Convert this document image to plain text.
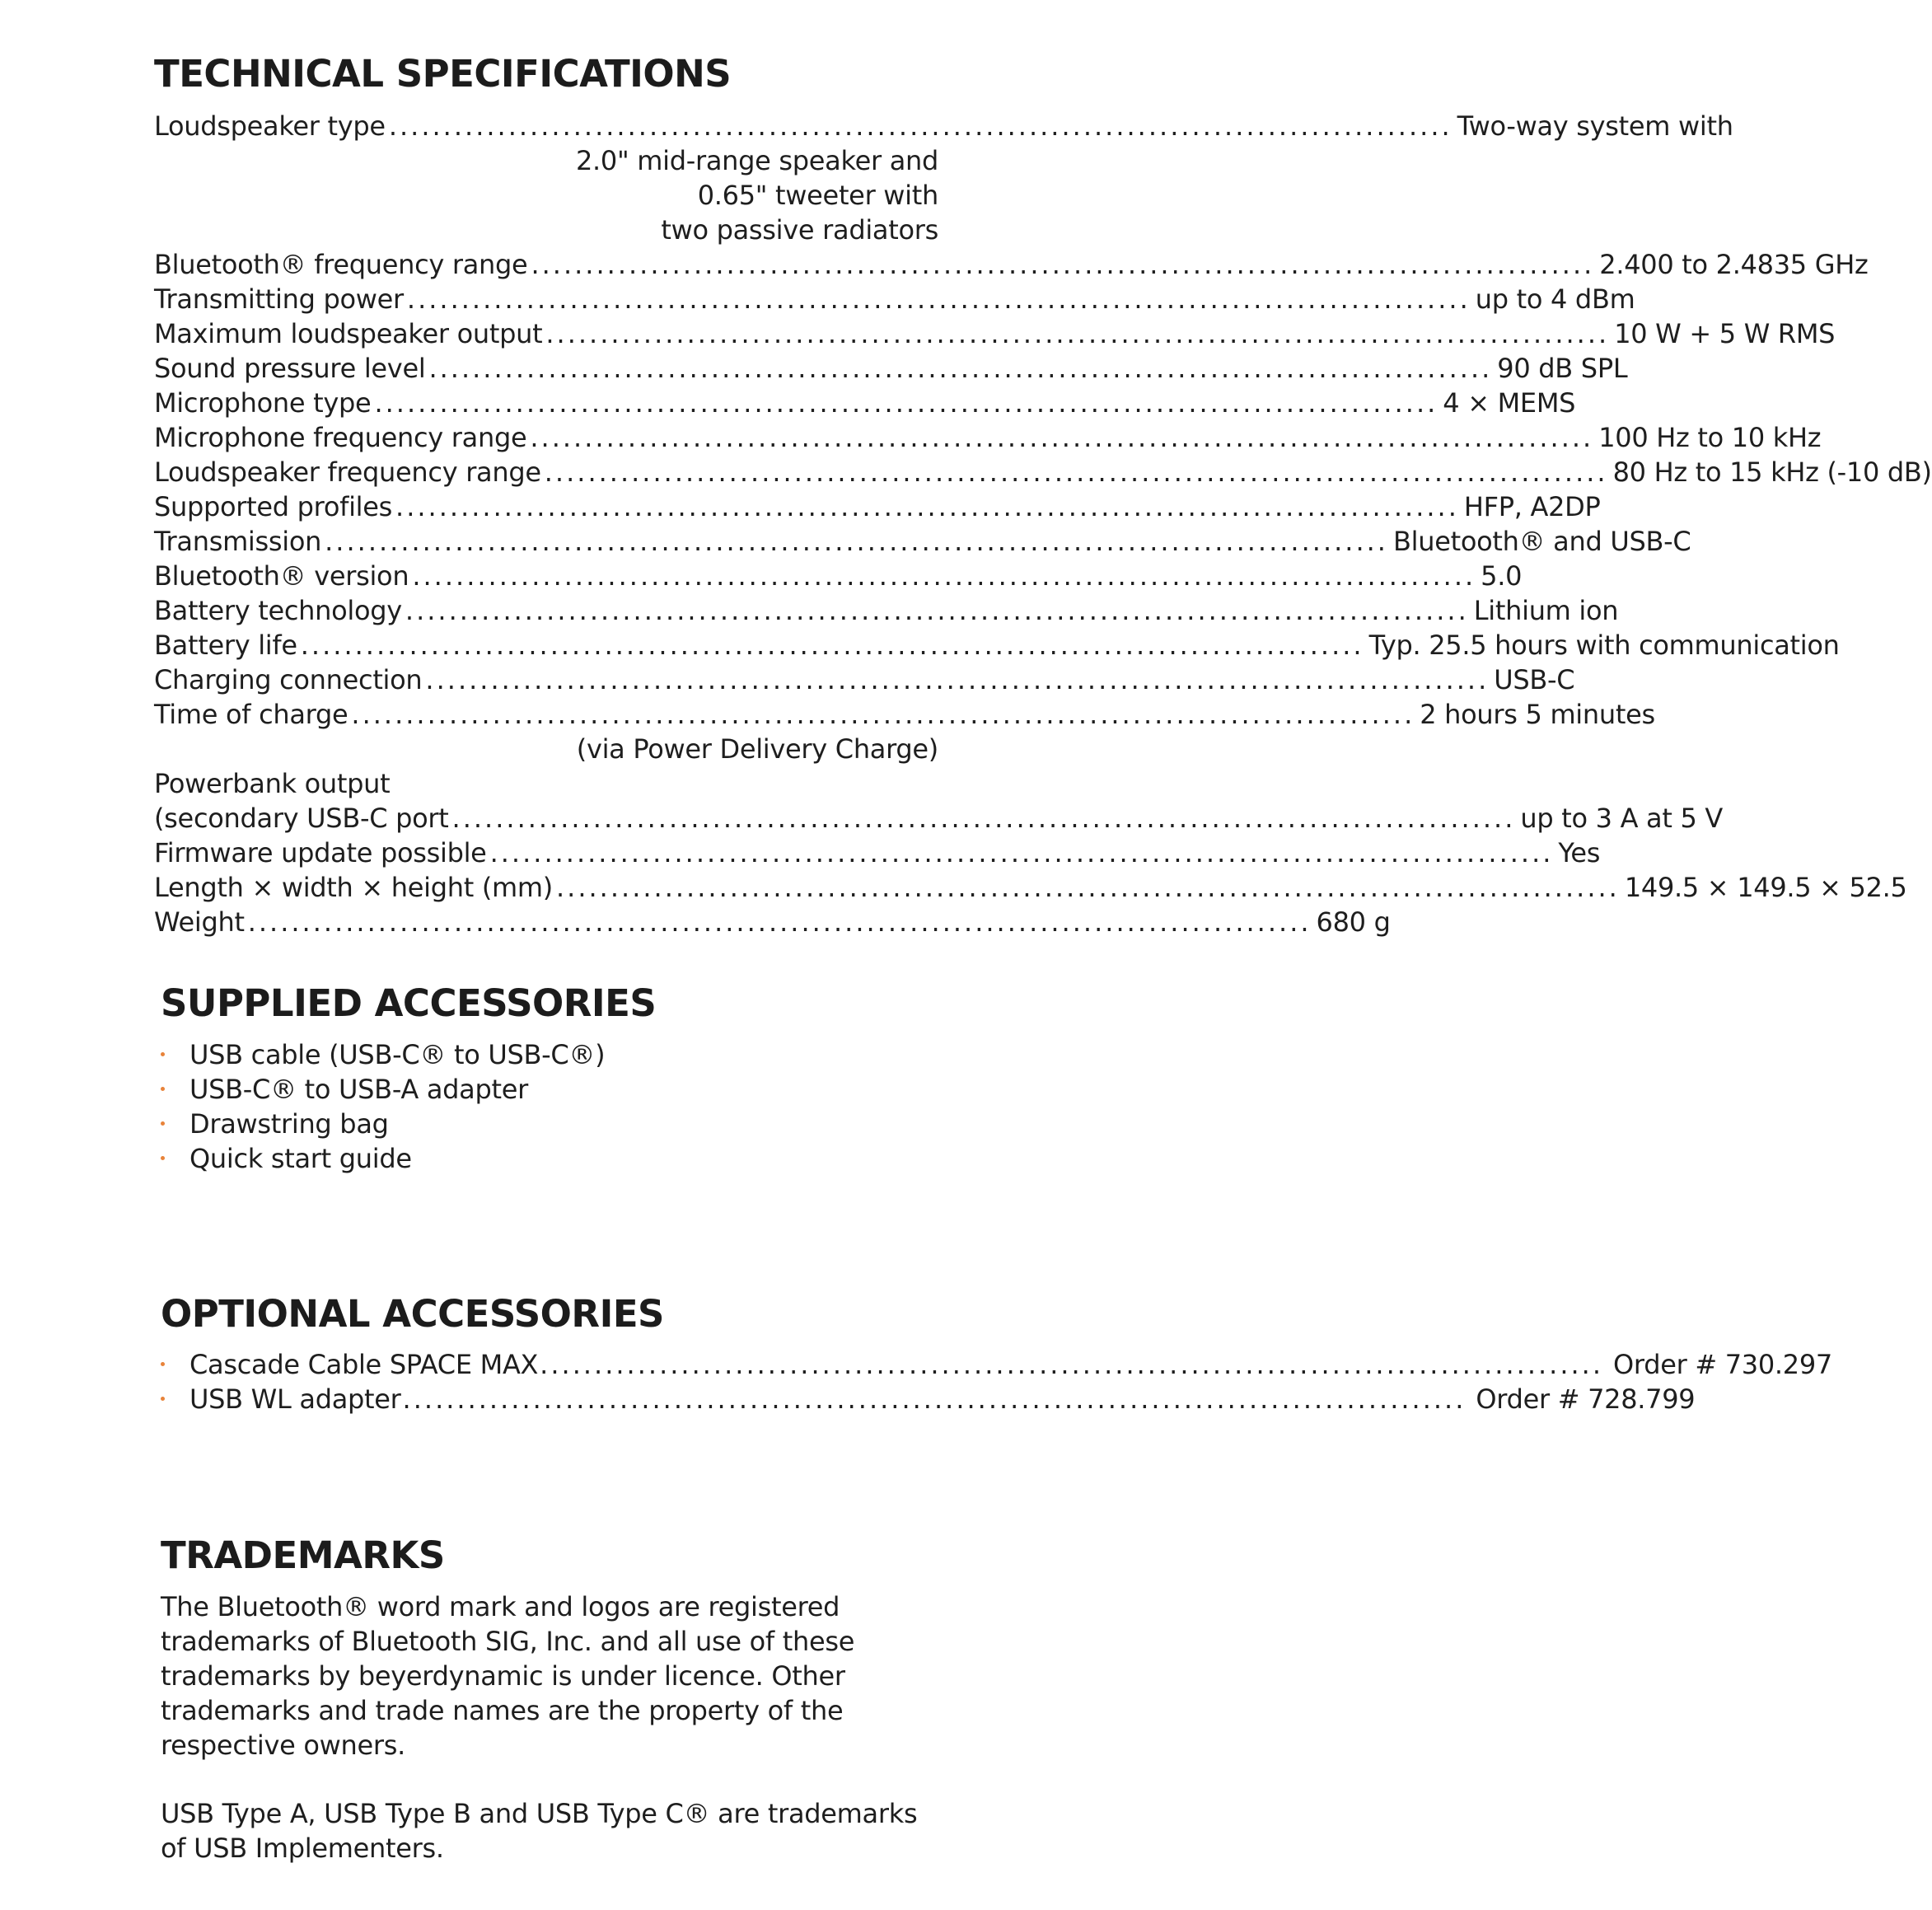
TECHNICAL SPECIFICATIONS
Loudspeaker type .................................................................................................. Two-way system with
2.0" mid-range speaker and
0.65" tweeter with
two passive radiators
Bluetooth® frequency range .................................................................................................. 2.400 to 2.4835 GHz
Transmitting power .................................................................................................. up to 4 dBm
Maximum loudspeaker output .................................................................................................. 10 W + 5 W RMS
Sound pressure level .................................................................................................. 90 dB SPL
Microphone type .................................................................................................. 4 × MEMS
Microphone frequency range .................................................................................................. 100 Hz to 10 kHz
Loudspeaker frequency range .................................................................................................. 80 Hz to 15 kHz (-10 dB)
Supported profiles .................................................................................................. HFP, A2DP
Transmission .................................................................................................. Bluetooth® and USB-C
Bluetooth® version .................................................................................................. 5.0
Battery technology .................................................................................................. Lithium ion
Battery life .................................................................................................. Typ. 25.5 hours with communication
Charging connection .................................................................................................. USB-C
Time of charge .................................................................................................. 2 hours 5 minutes
(via Power Delivery Charge)
Powerbank output
(secondary USB-C port .................................................................................................. up to 3 A at 5 V
Firmware update possible .................................................................................................. Yes
Length × width × height (mm) .................................................................................................. 149.5 × 149.5 × 52.5
Weight .................................................................................................. 680 g
SUPPLIED ACCESSORIES
USB cable (USB-C® to USB-C®)
USB-C® to USB-A adapter
Drawstring bag
Quick start guide
OPTIONAL ACCESSORIES
Cascade Cable SPACE MAX .................................................................................................. Order # 730.297
USB WL adapter .................................................................................................. Order # 728.799
TRADEMARKS

The Bluetooth® word mark and logos are registered trademarks of Bluetooth SIG, Inc. and all use of these trademarks by beyerdynamic is under licence. Other trademarks and trade names are the property of the respective owners.

USB Type A, USB Type B and USB Type C® are trademarks of USB Implementers.
